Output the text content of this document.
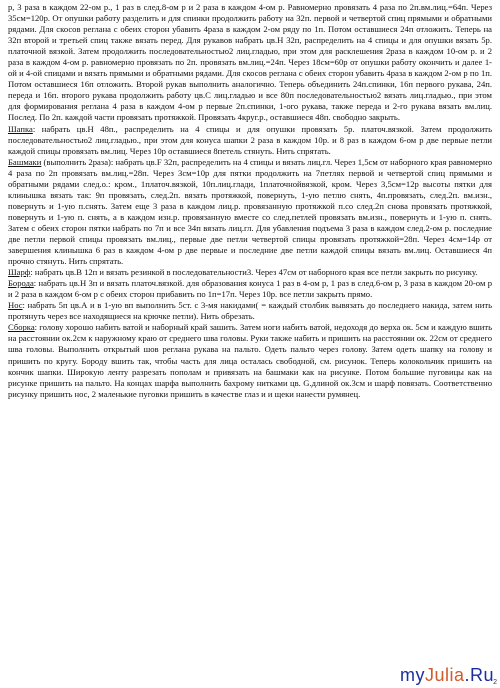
р, 3 раза в каждом 22-ом р., 1 раз в след.8-ом р и 2 раза в каждом 4-ом р. Равномерно провязать 4 раза по 2п.вм.лиц.=64п. Через 35см=120р. От опушки работу разделить и для спинки продолжить работу на 32п. первой и четвертой спиц прямыми и обратными рядами. Для скосов реглана с обеих сторон убавить 4раза в каждом 2-ом ряду по 1п. Потом оставшиеся 24п отложить. Теперь на 32п второй и третьей спиц также вязать перед. Для рукавов набрать цв.Н 32п, распределить на 4 спицы и для опушки вязать 5р. платочной вязкой. Затем продолжить последовательностью2 лиц.гладью, при этом для расклешения 2раза в каждом 10-ом р. и 2 раза в каждом 4-ом р. равномерно провязать по 2п. провязать вм.лиц.=24п. Через 18см=60р от опушки работу окончить и далее 1-ой и 4-ой спицами и вязать прямыми и обратными рядами. Для скосов реглана с обеих сторон убавить 4раза в каждом 2-ом р по 1п. Потом оставшиеся 16п отложить. Второй рукав выполнить аналогично. Теперь объединить 24п.спинки, 16п первого рукава, 24п. переда и 16п. второго рукава продолжить работу цв.С лиц.гладью и все 80п последовательностью2 вязать лиц.гладью., при этом для формирования реглана 4 раза в каждом 4-ом р первые 2п.спинки, 1-ого рукава, также переда и 2-го рукава вязать вм.лиц. Послед. По 2п. каждой части провязать протяжкой. Провязать 4круг.р., оставшиеся 48п. свободно закрыть.

Шапка: набрать цв.Н 48п., распределить на 4 спицы и для опушки провязать 5р. платоч.вязкой. Затем продолжить последовательностью2 лиц.гладью., при этом для конуса шапки 2 раза в каждом 10р. и 8 раз в каждом 6-ом р две первые петли каждой спицы провязать вм.лиц. Через 10р оставшиеся 8петель стянуть. Нить спрятать.

Башмаки (выполнить 2раза): набрать цв.F 32п, распределить на 4 спицы и вязать лиц.гл. Через 1,5см от наборного края равномерно 4 раза по 2п провязать вм.лиц.=28п. Через 3см=10р для пятки продолжить на 7петлях первой и четвертой спиц прямыми и обратными рядами след.о.: кром., 1платоч.вязкой, 10п.лиц.глади, 1платочнойвязкой, кром. Через 3,5см=12р высоты пятки для клинышка вязать так: 9п провязать, след.2п. вязать протяжкой, повернуть, 1-ую петлю снять, 4п.провязать, след.2п. вм.изн., повернуть и 1-ую п.снять. Затем еще 3 раза в каждом лиц.р. провязанную протяжкой п.со след.2п снова провязать протяжкой, повернуть и 1-ую п. снять, а в каждом изн.р. провязанную вместе со след.петлей провязать вм.изн., повернуть и 1-ую п. снять. Затем с обеих сторон пятки набрать по 7п и все 34п вязать лиц.гл. Для убавления подъема 3 раза в каждом след.2-ом р. последние две петли первой спицы провязать вм.лиц., первые две петли четвертой спицы провязать протяжкой=28п. Через 4см=14р от завершения клинышка 6 раз в каждом 4-ом р две первые и последние две петли каждой спицы вязать вм.лиц. Оставшиеся 4п прочно стянуть. Нить спрятать.

Шарф: набрать цв.В 12п и вязать резинкой в последовательности3. Через 47см от наборного края все петли закрыть по рисунку.

Борода: набрать цв.Н 3п и вязать платоч.вязкой. для образования конуса 1 раз в 4-ом р, 1 раз в след.6-ом р, 3 раза в каждом 20-ом р и 2 раза в каждом 6-ом р с обеих сторон прибавить по 1п=17п. Через 10р. все петли закрыть прямо.

Нос: набрать 5п цв.А и в 1-ую вп выполнить 5ст. с 3-мя накидами( = каждый столбик вывязать до последнего накида, затем нить протянуть через все находящиеся на крючке петли). Нить обрезать.

Сборка: голову хорошо набить ватой и наборный край зашить. Затем ноги набить ватой, недоходя до верха ок. 5см и каждую вшить на расстоянии ок.2см к наружному краю от среднего шва головы. Руки также набить и пришить на расстоянии ок. 22см от среднего шва головы. Выполнить открытый шов реглана рукава на пальто. Одеть пальто через голову. Затем одеть шапку на голову и пришить по кругу. Бороду вшить так, чтобы часть для лица осталась свободной, см. рисунок. Теперь колокольчик пришить на кончик шапки. Широкую ленту разрезать пополам и привязать на башмаки как на рисунке. Потом большие пуговицы как на рисунке пришить на пальто. На концах шарфа выполнить бахрому нитками цв. G.длиной ок.3см и шарф повязать. Соответственно рисунку пришить нос, 2 маленькие пуговки пришить в качестве глаз и и щеки нанести румянец.

myJulia.Ru 2
